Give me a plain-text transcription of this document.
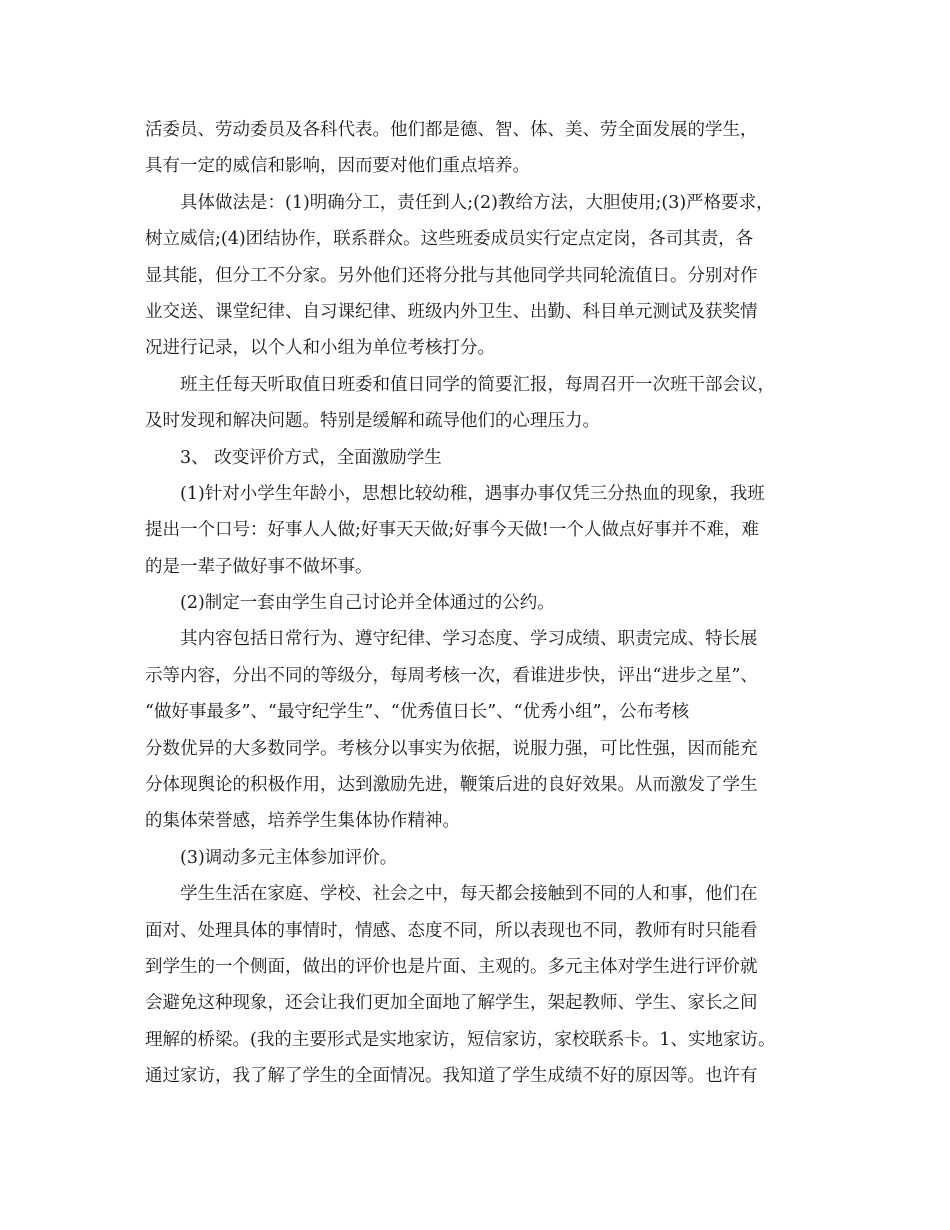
活委员、劳动委员及各科代表。他们都是德、智、体、美、劳全面发展的学生，
具有一定的威信和影响，因而要对他们重点培养。
具体做法是：(1)明确分工，责任到人;(2)教给方法，大胆使用;(3)严格要求，
树立威信;(4)团结协作，联系群众。这些班委成员实行定点定岗，各司其责，各
显其能，但分工不分家。另外他们还将分批与其他同学共同轮流值日。分别对作
业交送、课堂纪律、自习课纪律、班级内外卫生、出勤、科目单元测试及获奖情
况进行记录，以个人和小组为单位考核打分。
班主任每天听取值日班委和值日同学的简要汇报，每周召开一次班干部会议，
及时发现和解决问题。特别是缓解和疏导他们的心理压力。
3、 改变评价方式，全面激励学生
(1)针对小学生年龄小，思想比较幼稚，遇事办事仅凭三分热血的现象，我班
提出一个口号：好事人人做;好事天天做;好事今天做!一个人做点好事并不难，难
的是一辈子做好事不做坏事。
(2)制定一套由学生自己讨论并全体通过的公约。
其内容包括日常行为、遵守纪律、学习态度、学习成绩、职责完成、特长展
示等内容，分出不同的等级分，每周考核一次，看谁进步快，评出“进步之星”、
“做好事最多”、“最守纪学生”、“优秀值日长”、“优秀小组”，公布考核
分数优异的大多数同学。考核分以事实为依据，说服力强，可比性强，因而能充
分体现舆论的积极作用，达到激励先进，鞭策后进的良好效果。从而激发了学生
的集体荣誉感，培养学生集体协作精神。
(3)调动多元主体参加评价。
学生生活在家庭、学校、社会之中，每天都会接触到不同的人和事，他们在
面对、处理具体的事情时，情感、态度不同，所以表现也不同，教师有时只能看
到学生的一个侧面，做出的评价也是片面、主观的。多元主体对学生进行评价就
会避免这种现象，还会让我们更加全面地了解学生，架起教师、学生、家长之间
理解的桥梁。(我的主要形式是实地家访，短信家访，家校联系卡。1、实地家访。
通过家访，我了解了学生的全面情况。我知道了学生成绩不好的原因等。也许有
